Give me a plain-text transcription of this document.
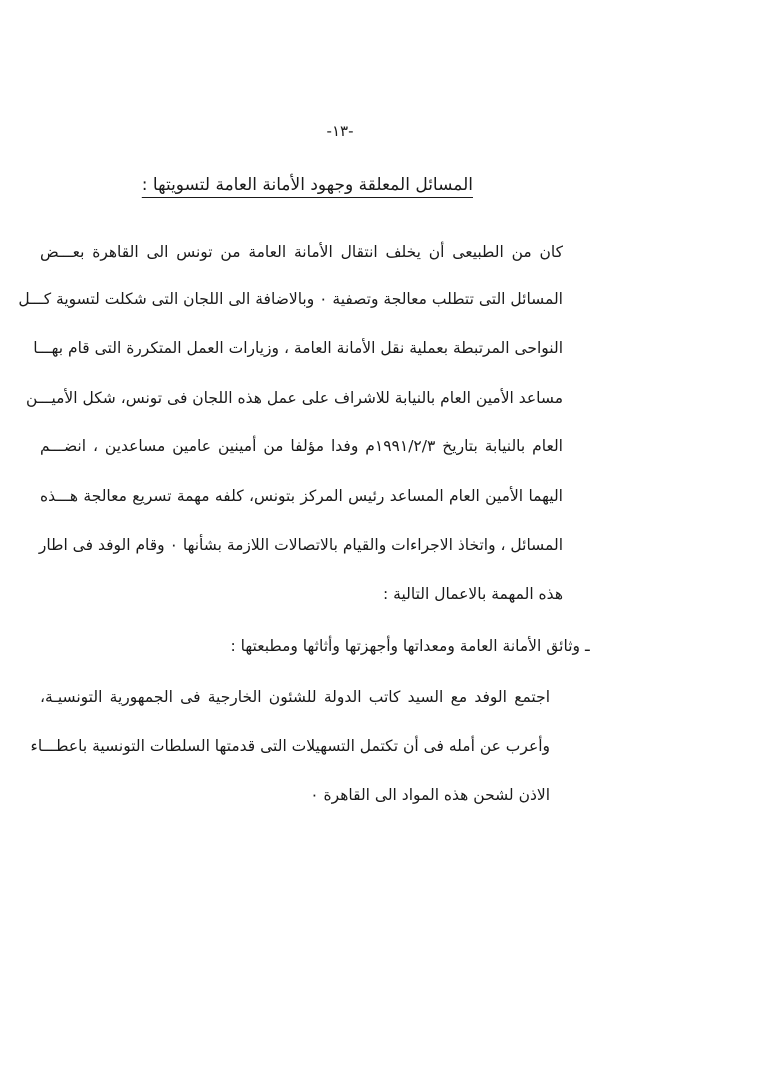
-١٣-
المسائل المعلقة وجهود الأمانة العامة لتسويتها :
كان من الطبيعى أن يخلف انتقال الأمانة العامة من تونس الى القاهرة بعـــض
المسائل التى تتطلب معالجة وتصفية ٠ وبالاضافة الى اللجان التى شكلت لتسوية كـــل
النواحى المرتبطة بعملية نقل الأمانة العامة ، وزيارات العمل المتكررة التى قام بهـــا
مساعد الأمين العام بالنيابة للاشراف على عمل هذه اللجان فى تونس، شكل الأميـــن
العام بالنيابة بتاريخ ١٩٩١/٢/٣م وفدا مؤلفا من أمينين عامين مساعدين ، انضـــم
اليهما الأمين العام المساعد رئيس المركز بتونس، كلفه مهمة تسريع معالجة هـــذه
المسائل ، واتخاذ الاجراءات والقيام بالاتصالات اللازمة بشأنها ٠ وقام الوفد فى اطار
هذه المهمة بالاعمال التالية :
ـ
وثائق الأمانة العامة ومعداتها وأجهزتها وأثاثها ومطبعتها :
اجتمع الوفد مع السيد كاتب الدولة للشئون الخارجية فى الجمهورية التونسيـة،
وأعرب عن أمله فى أن تكتمل التسهيلات التى قدمتها السلطات التونسية باعطـــاء
الاذن لشحن هذه المواد الى القاهرة ٠
